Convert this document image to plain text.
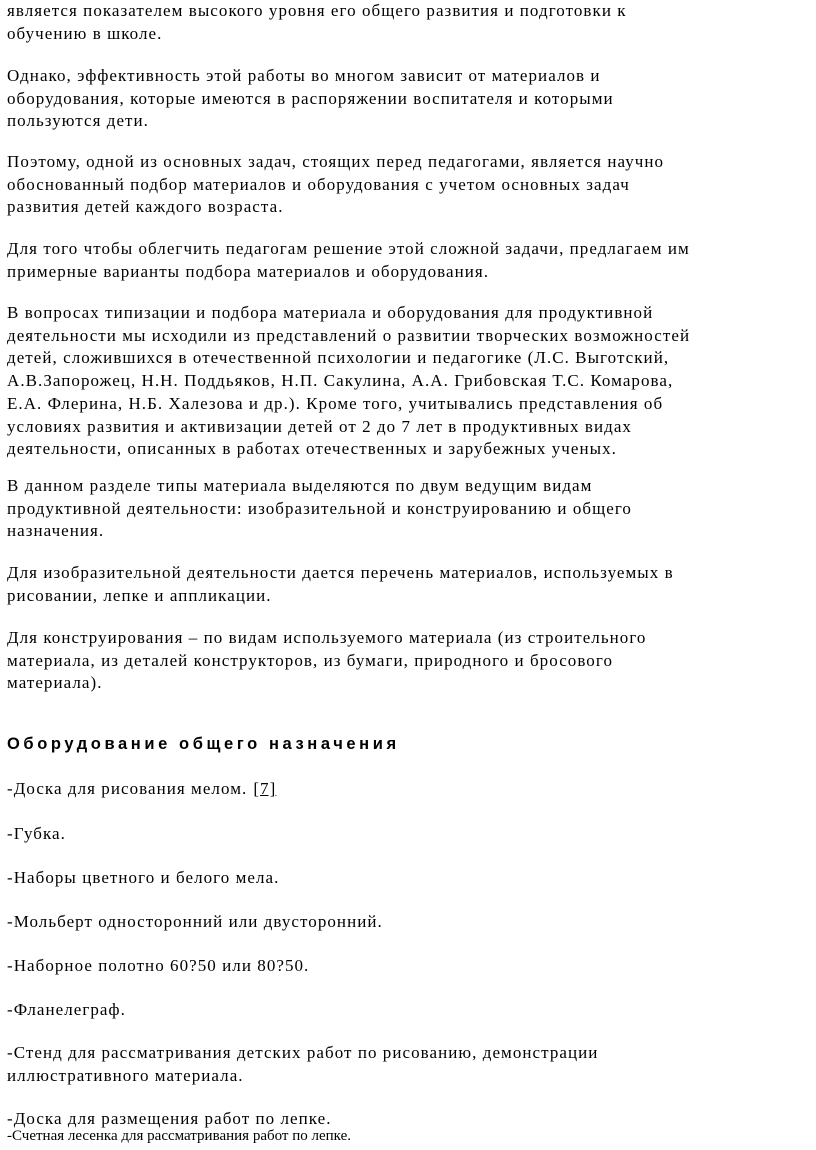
является показателем высокого уровня его общего развития и подготовки к
обучению в школе.

Однако, эффективность этой работы во многом зависит от материалов и
оборудования, которые имеются в распоряжении воспитателя и которыми
пользуются дети.

Поэтому, одной из основных задач, стоящих перед педагогами, является научно
обоснованный подбор материалов и оборудования с учетом основных задач
развития детей каждого возраста.

Для того чтобы облегчить педагогам решение этой сложной задачи, предлагаем им
примерные варианты подбора материалов и оборудования.

В вопросах типизации и подбора материала и оборудования для продуктивной
деятельности мы исходили из представлений о развитии творческих возможностей
детей, сложившихся в отечественной психологии и педагогике (Л.С. Выготский,
А.В.Запорожец, Н.Н. Поддьяков, Н.П. Сакулина, А.А. Грибовская Т.С. Комарова,
Е.А. Флерина, Н.Б. Халезова и др.). Кроме того, учитывались представления об
условиях развития и активизации детей от 2 до 7 лет в продуктивных видах
деятельности, описанных в работах отечественных и зарубежных ученых.

В данном разделе типы материала выделяются по двум ведущим видам
продуктивной деятельности: изобразительной и конструированию и общего
назначения.

Для изобразительной деятельности дается перечень материалов, используемых в
рисовании, лепке и аппликации.

Для конструирования – по видам используемого материала (из строительного
материала, из деталей конструкторов, из бумаги, природного и бросового
материала).

Оборудование общего назначения

-Доска для рисования мелом. [7]

-Губка.

-Наборы цветного и белого мела.

-Мольберт односторонний или двусторонний.

-Наборное полотно 60?50 или 80?50.

-Фланелеграф.

-Стенд для рассматривания детских работ по рисованию, демонстрации
иллюстративного материала.

-Доска для размещения работ по лепке.

-Счетная лесенка для рассматривания работ по лепке.
